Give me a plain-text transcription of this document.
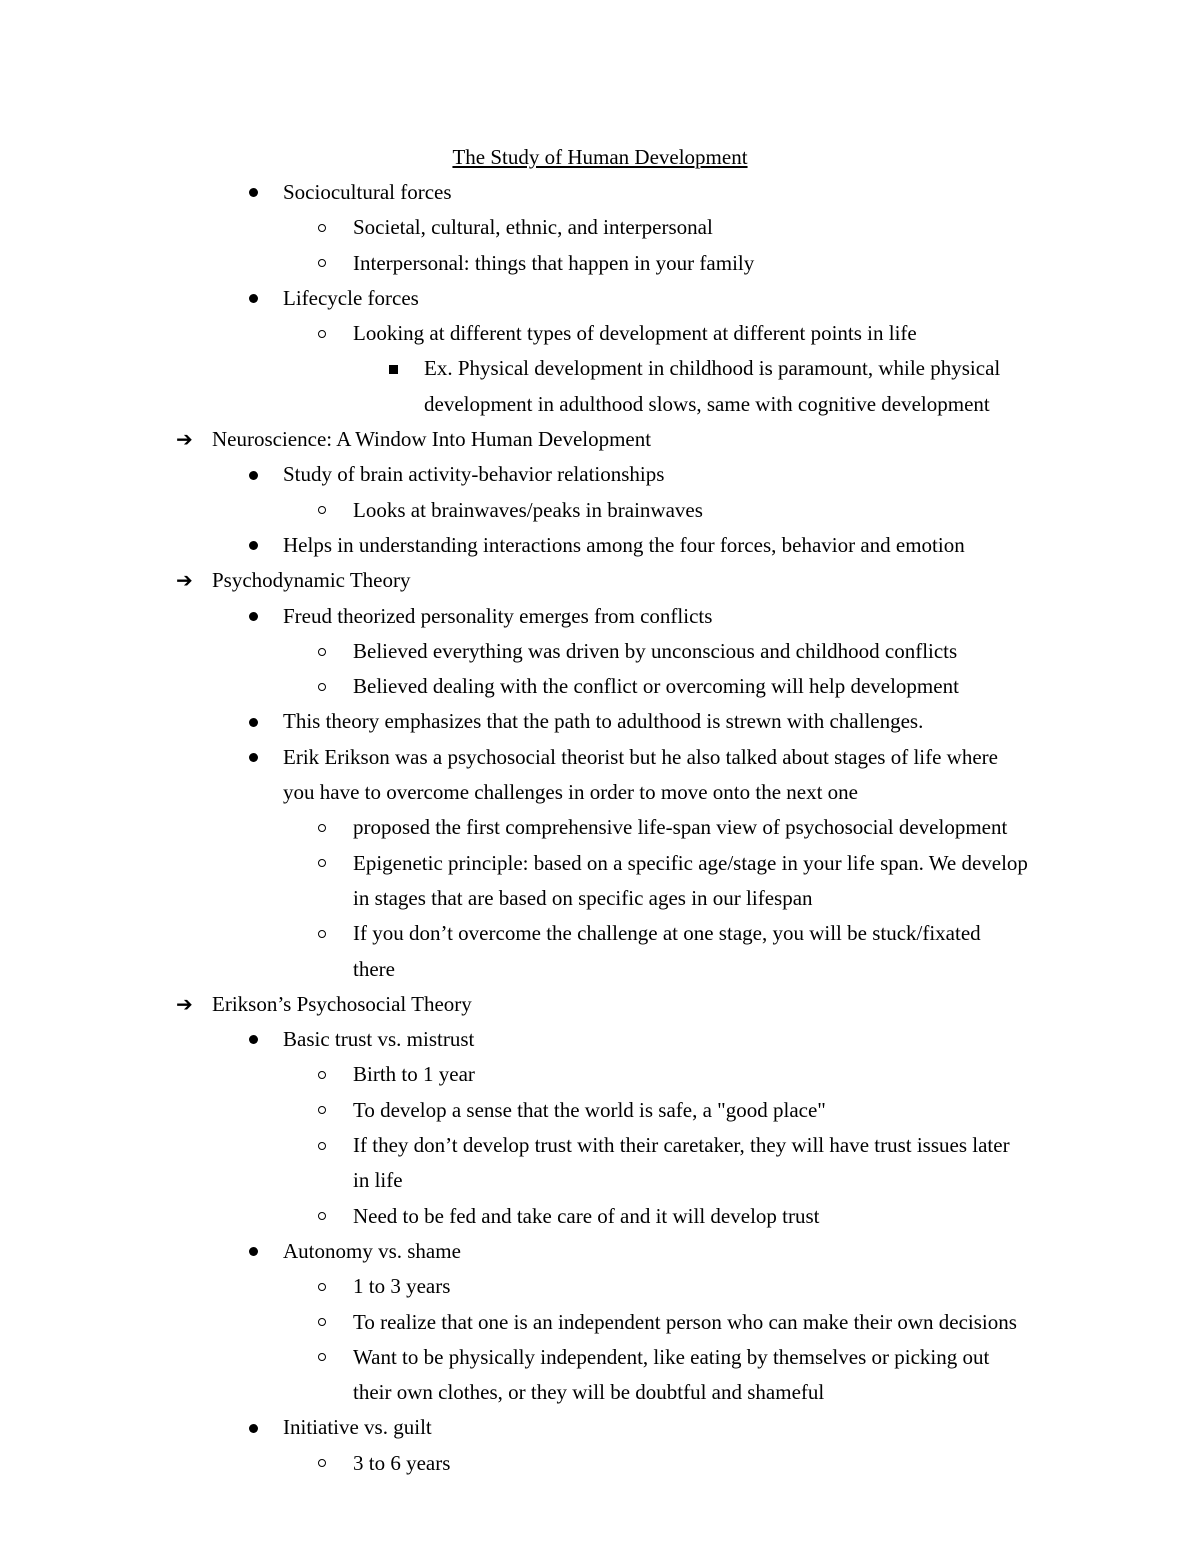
The Study of Human Development
Sociocultural forces
Societal, cultural, ethnic, and interpersonal
Interpersonal: things that happen in your family
Lifecycle forces
Looking at different types of development at different points in life
Ex. Physical development in childhood is paramount, while physical
development in adulthood slows, same with cognitive development
➔ Neuroscience: A Window Into Human Development
Study of brain activity-behavior relationships
Looks at brainwaves/peaks in brainwaves
Helps in understanding interactions among the four forces, behavior and emotion
➔ Psychodynamic Theory
Freud theorized personality emerges from conflicts
Believed everything was driven by unconscious and childhood conflicts
Believed dealing with the conflict or overcoming will help development
This theory emphasizes that the path to adulthood is strewn with challenges.
Erik Erikson was a psychosocial theorist but he also talked about stages of life where
you have to overcome challenges in order to move onto the next one
proposed the first comprehensive life-span view of psychosocial development
Epigenetic principle: based on a specific age/stage in your life span. We develop
in stages that are based on specific ages in our lifespan
If you don’t overcome the challenge at one stage, you will be stuck/fixated
there
➔ Erikson’s Psychosocial Theory
Basic trust vs. mistrust
Birth to 1 year
To develop a sense that the world is safe, a "good place"
If they don’t develop trust with their caretaker, they will have trust issues later
in life
Need to be fed and take care of and it will develop trust
Autonomy vs. shame
1 to 3 years
To realize that one is an independent person who can make their own decisions
Want to be physically independent, like eating by themselves or picking out
their own clothes, or they will be doubtful and shameful
Initiative vs. guilt
3 to 6 years
